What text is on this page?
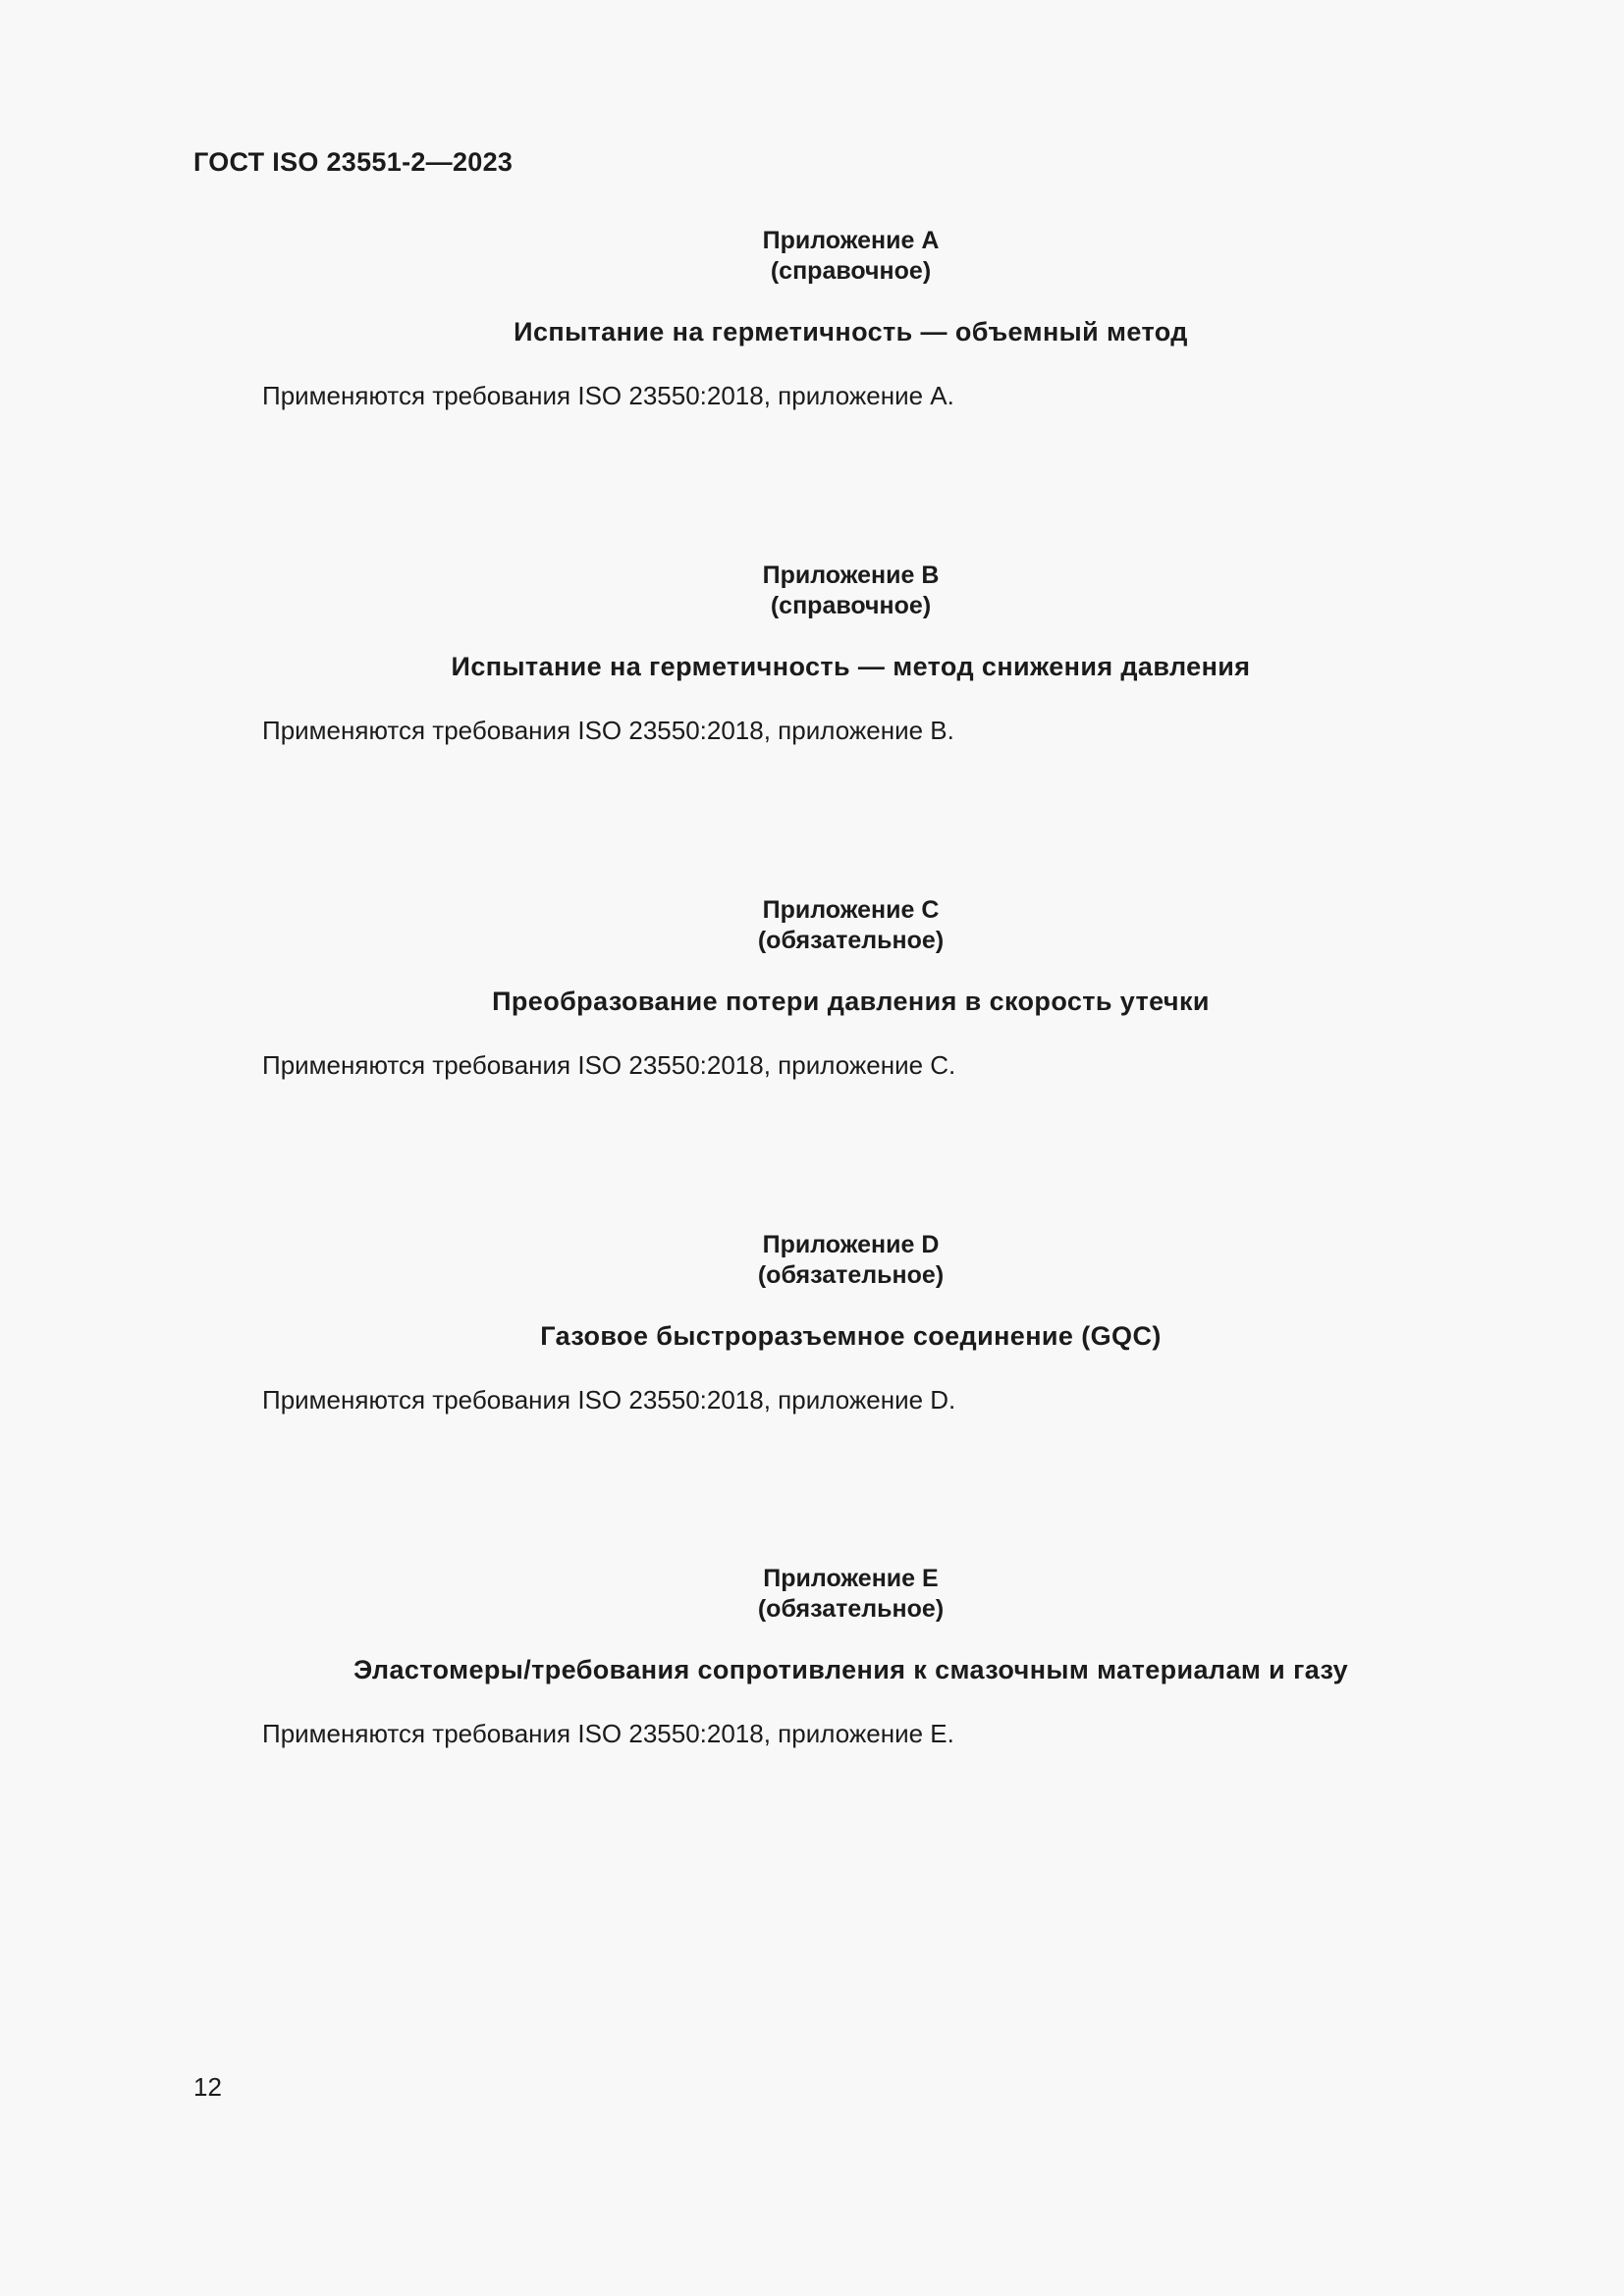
ГОСТ ISO 23551-2—2023
Приложение A
(справочное)
Испытание на герметичность — объемный метод
Применяются требования ISO 23550:2018, приложение A.
Приложение B
(справочное)
Испытание на герметичность — метод снижения давления
Применяются требования ISO 23550:2018, приложение B.
Приложение C
(обязательное)
Преобразование потери давления в скорость утечки
Применяются требования ISO 23550:2018, приложение C.
Приложение D
(обязательное)
Газовое быстроразъемное соединение (GQC)
Применяются требования ISO 23550:2018, приложение D.
Приложение E
(обязательное)
Эластомеры/требования сопротивления к смазочным материалам и газу
Применяются требования ISO 23550:2018, приложение E.
12
